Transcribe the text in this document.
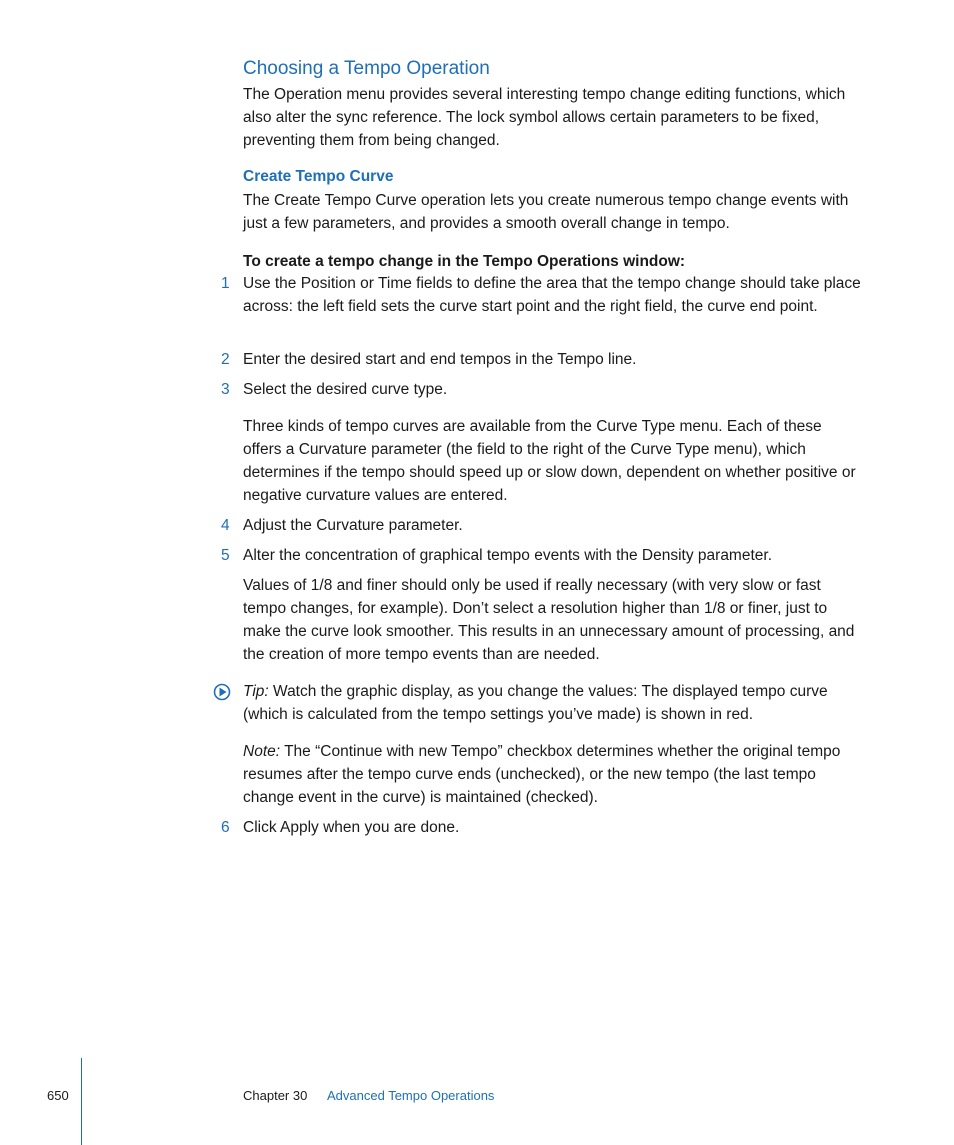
Choosing a Tempo Operation
The Operation menu provides several interesting tempo change editing functions, which also alter the sync reference. The lock symbol allows certain parameters to be fixed, preventing them from being changed.
Create Tempo Curve
The Create Tempo Curve operation lets you create numerous tempo change events with just a few parameters, and provides a smooth overall change in tempo.
To create a tempo change in the Tempo Operations window:
1 Use the Position or Time fields to define the area that the tempo change should take place across: the left field sets the curve start point and the right field, the curve end point.
2 Enter the desired start and end tempos in the Tempo line.
3 Select the desired curve type.
Three kinds of tempo curves are available from the Curve Type menu. Each of these offers a Curvature parameter (the field to the right of the Curve Type menu), which determines if the tempo should speed up or slow down, dependent on whether positive or negative curvature values are entered.
4 Adjust the Curvature parameter.
5 Alter the concentration of graphical tempo events with the Density parameter.
Values of 1/8 and finer should only be used if really necessary (with very slow or fast tempo changes, for example). Don’t select a resolution higher than 1/8 or finer, just to make the curve look smoother. This results in an unnecessary amount of processing, and the creation of more tempo events than are needed.
Tip: Watch the graphic display, as you change the values: The displayed tempo curve (which is calculated from the tempo settings you’ve made) is shown in red.
Note: The “Continue with new Tempo” checkbox determines whether the original tempo resumes after the tempo curve ends (unchecked), or the new tempo (the last tempo change event in the curve) is maintained (checked).
6 Click Apply when you are done.
650	Chapter 30 Advanced Tempo Operations
